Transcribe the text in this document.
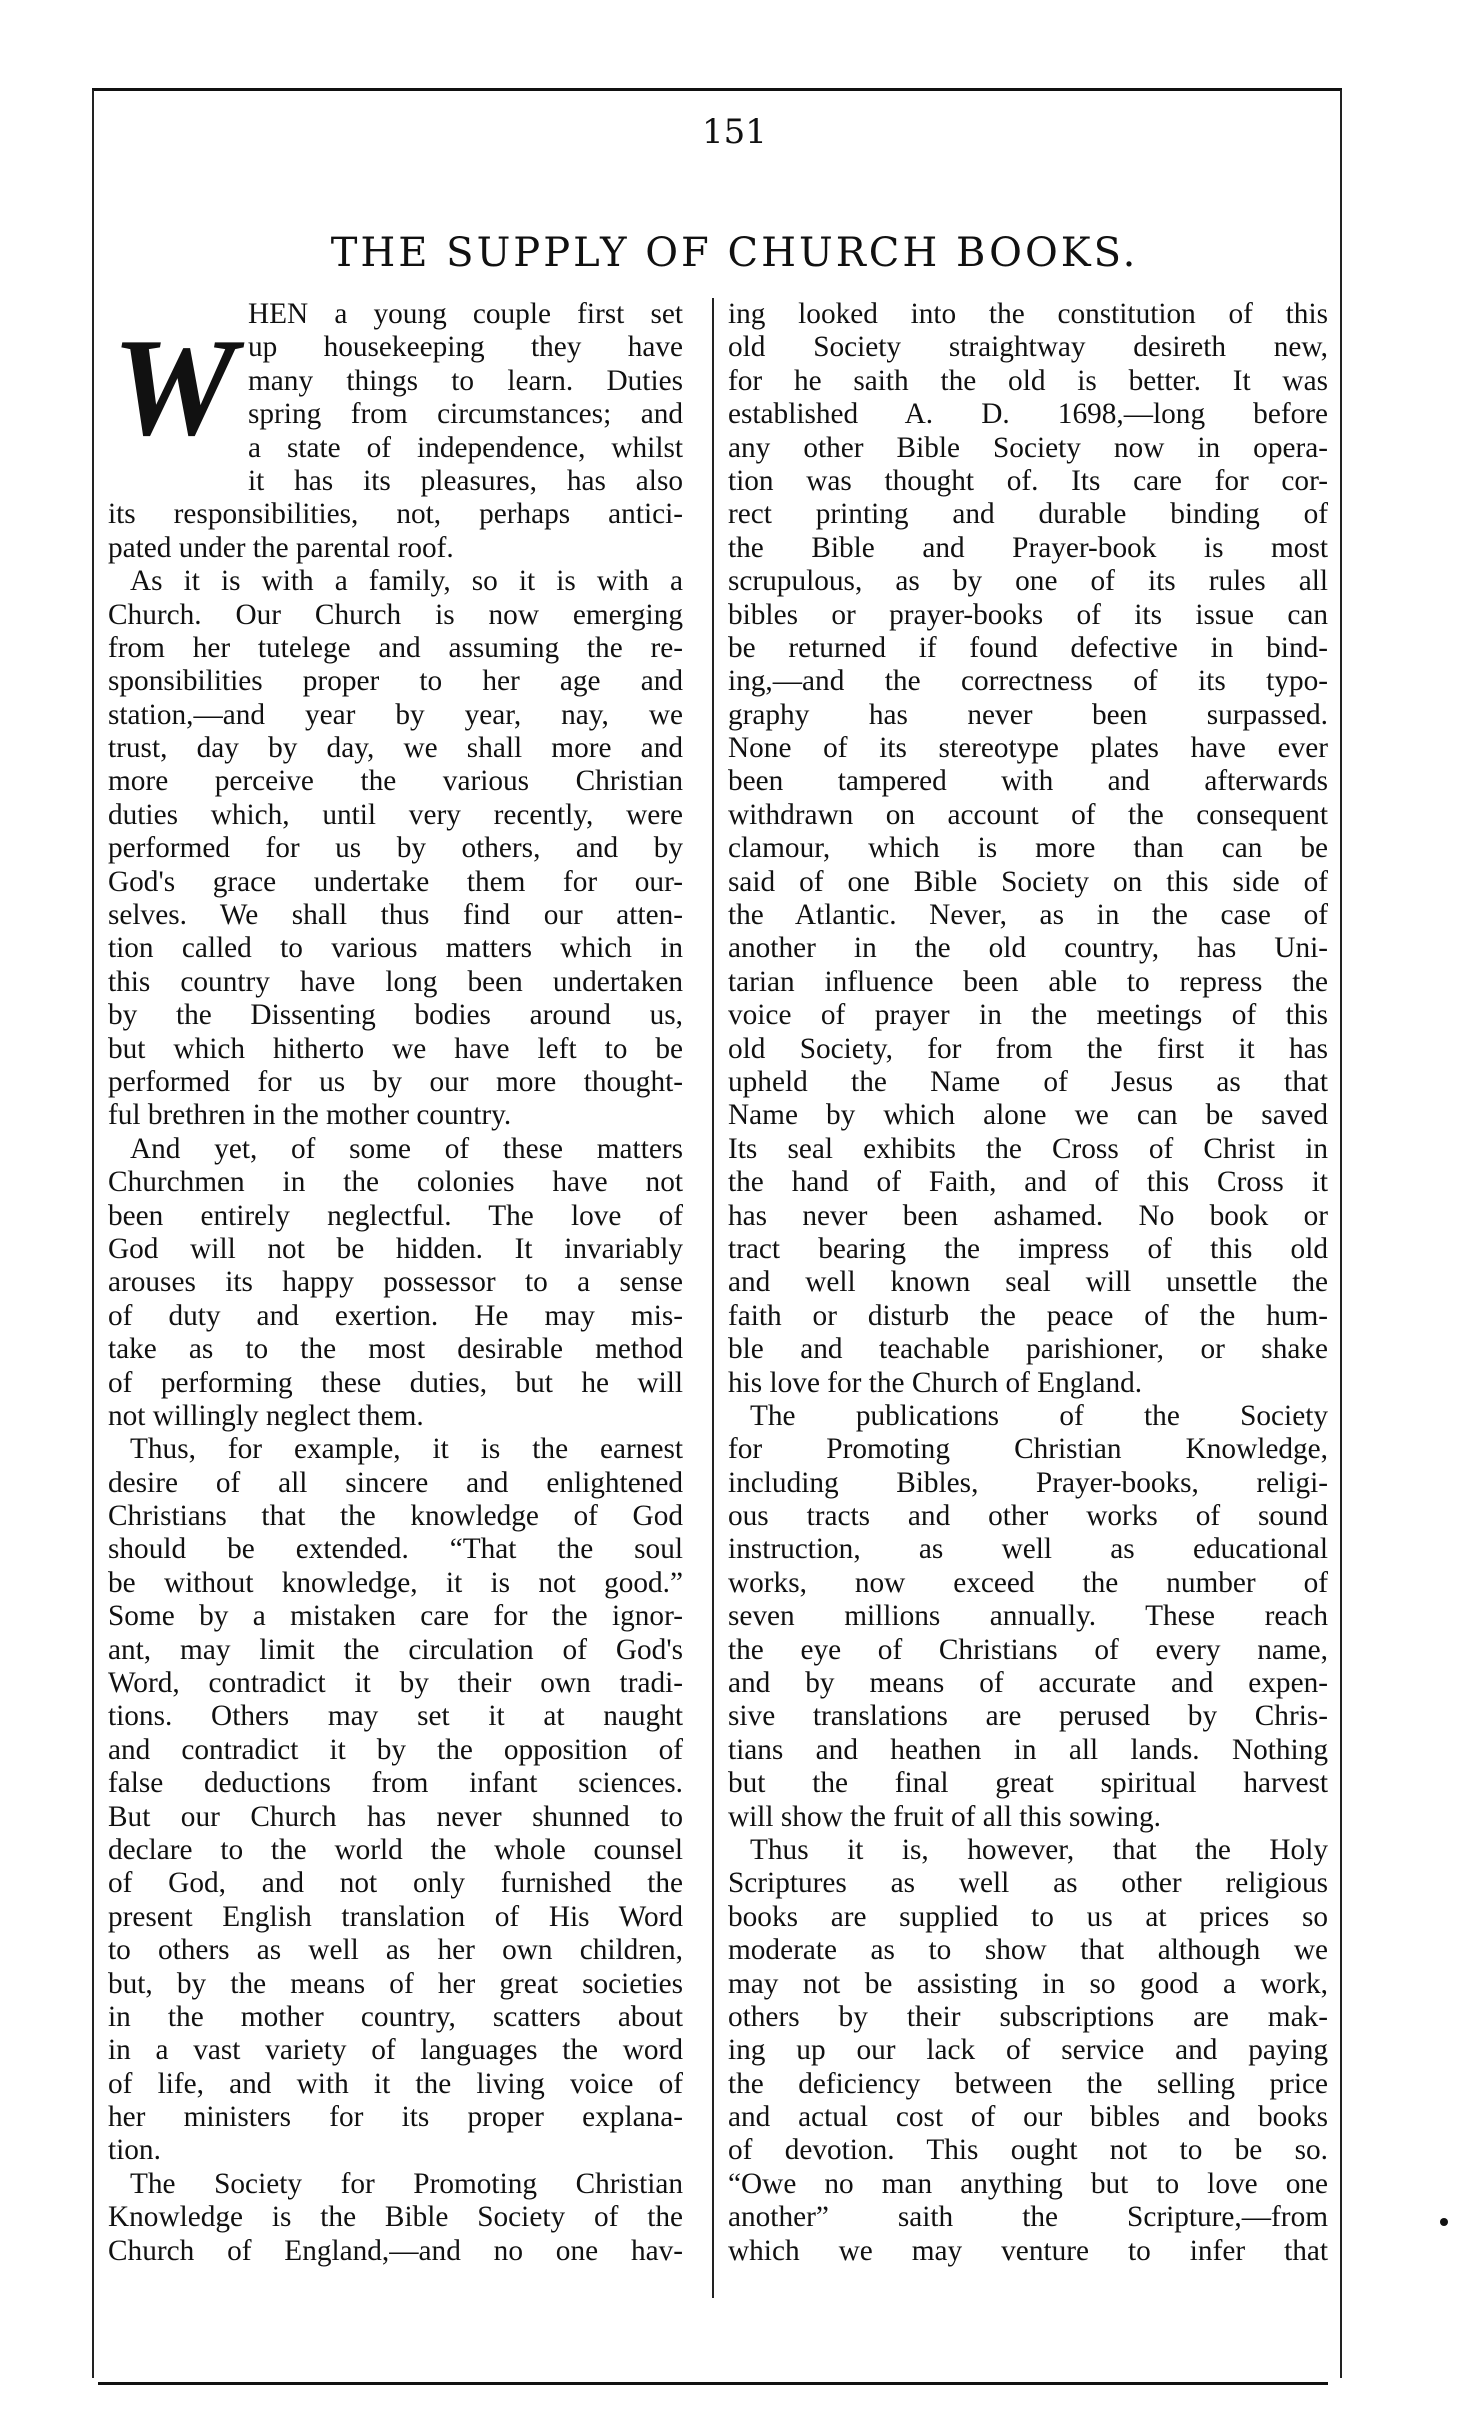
151
THE SUPPLY OF CHURCH BOOKS.
W HEN a young couple first set
up housekeeping they have
many things to learn. Duties
spring from circumstances; and
a state of independence, whilst
it has its pleasures, has also
its responsibilities, not, perhaps antici-
pated under the parental roof.
As it is with a family, so it is with a
Church. Our Church is now emerging
from her tutelege and assuming the re-
sponsibilities proper to her age and
station,—and year by year, nay, we
trust, day by day, we shall more and
more perceive the various Christian
duties which, until very recently, were
performed for us by others, and by
God's grace undertake them for our-
selves. We shall thus find our atten-
tion called to various matters which in
this country have long been undertaken
by the Dissenting bodies around us,
but which hitherto we have left to be
performed for us by our more thought-
ful brethren in the mother country.
And yet, of some of these matters
Churchmen in the colonies have not
been entirely neglectful. The love of
God will not be hidden. It invariably
arouses its happy possessor to a sense
of duty and exertion. He may mis-
take as to the most desirable method
of performing these duties, but he will
not willingly neglect them.
Thus, for example, it is the earnest
desire of all sincere and enlightened
Christians that the knowledge of God
should be extended. “That the soul
be without knowledge, it is not good.”
Some by a mistaken care for the ignor-
ant, may limit the circulation of God's
Word, contradict it by their own tradi-
tions. Others may set it at naught
and contradict it by the opposition of
false deductions from infant sciences.
But our Church has never shunned to
declare to the world the whole counsel
of God, and not only furnished the
present English translation of His Word
to others as well as her own children,
but, by the means of her great societies
in the mother country, scatters about
in a vast variety of languages the word
of life, and with it the living voice of
her ministers for its proper explana-
tion.
The Society for Promoting Christian
Knowledge is the Bible Society of the
Church of England,—and no one hav-
ing looked into the constitution of this
old Society straightway desireth new,
for he saith the old is better. It was
established A. D. 1698,—long before
any other Bible Society now in opera-
tion was thought of. Its care for cor-
rect printing and durable binding of
the Bible and Prayer-book is most
scrupulous, as by one of its rules all
bibles or prayer-books of its issue can
be returned if found defective in bind-
ing,—and the correctness of its typo-
graphy has never been surpassed.
None of its stereotype plates have ever
been tampered with and afterwards
withdrawn on account of the consequent
clamour, which is more than can be
said of one Bible Society on this side of
the Atlantic. Never, as in the case of
another in the old country, has Uni-
tarian influence been able to repress the
voice of prayer in the meetings of this
old Society, for from the first it has
upheld the Name of Jesus as that
Name by which alone we can be saved
Its seal exhibits the Cross of Christ in
the hand of Faith, and of this Cross it
has never been ashamed. No book or
tract bearing the impress of this old
and well known seal will unsettle the
faith or disturb the peace of the hum-
ble and teachable parishioner, or shake
his love for the Church of England.
The publications of the Society
for Promoting Christian Knowledge,
including Bibles, Prayer-books, religi-
ous tracts and other works of sound
instruction, as well as educational
works, now exceed the number of
seven millions annually. These reach
the eye of Christians of every name,
and by means of accurate and expen-
sive translations are perused by Chris-
tians and heathen in all lands. Nothing
but the final great spiritual harvest
will show the fruit of all this sowing.
Thus it is, however, that the Holy
Scriptures as well as other religious
books are supplied to us at prices so
moderate as to show that although we
may not be assisting in so good a work,
others by their subscriptions are mak-
ing up our lack of service and paying
the deficiency between the selling price
and actual cost of our bibles and books
of devotion. This ought not to be so.
“Owe no man anything but to love one
another” saith the Scripture,—from
which we may venture to infer that
